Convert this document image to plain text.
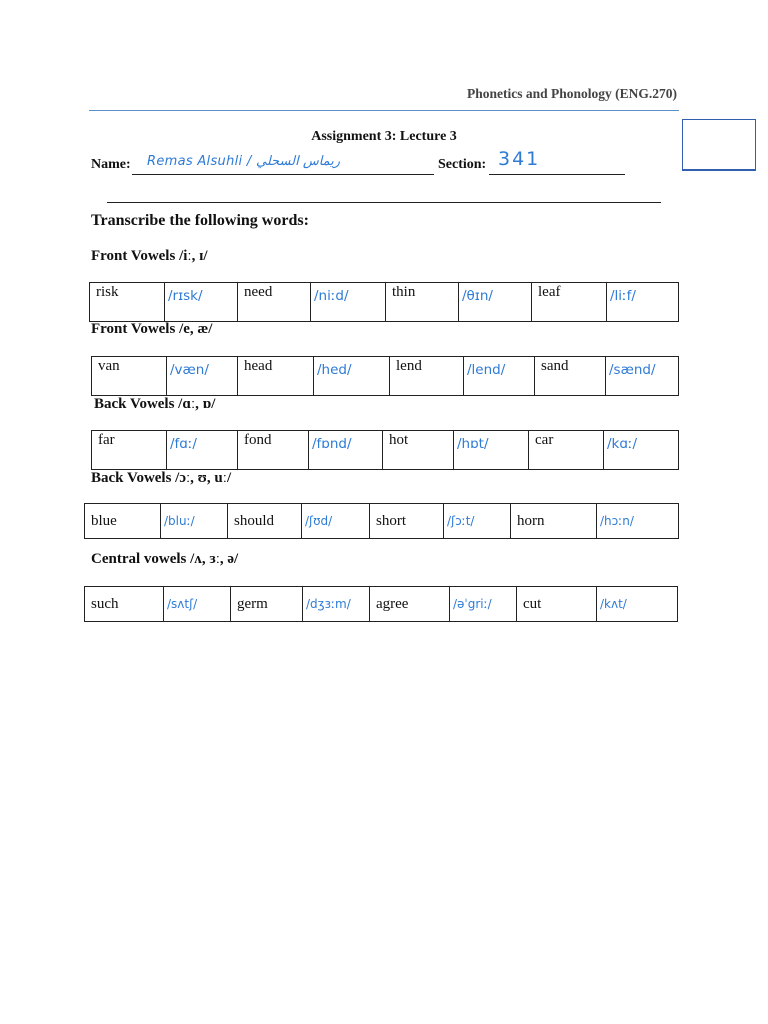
Phonetics and Phonology (ENG.270)
Assignment 3: Lecture 3
Name: Remas Alsuhli / ريماس السحلي	Section: 341
Transcribe the following words:
Front Vowels /iː, ɪ/
risk	/rɪsk/	need	/niːd/	thin	/θɪn/	leaf	/liːf/
Front Vowels /e, æ/
van	/væn/	head	/hed/	lend	/lend/	sand	/sænd/
Back Vowels /ɑː, ɒ/
far	/fɑː/	fond	/fɒnd/	hot	/hɒt/	car	/kɑː/
Back Vowels /ɔː, ʊ, uː/
blue	/bluː/	should	/ʃʊd/	short	/ʃɔːt/	horn	/hɔːn/
Central vowels /ʌ, ɜː, ə/
such	/sʌtʃ/	germ	/dʒɜːm/	agree	/əˈgriː/	cut	/kʌt/
